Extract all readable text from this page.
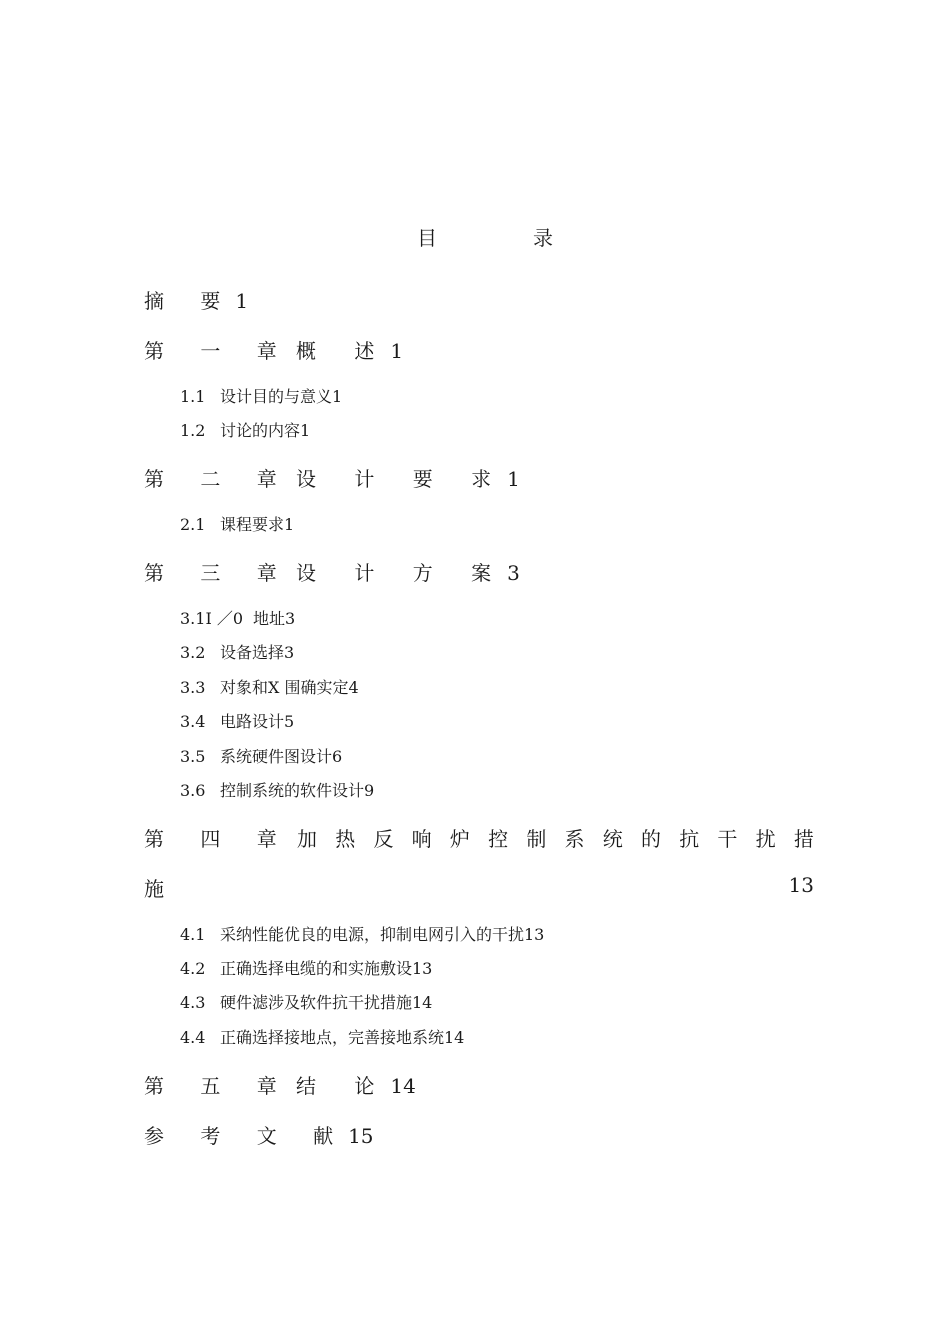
目　录
摘 要 1
第 一 章 概 述 1
1.1 设计目的与意义1
1.2 讨论的内容1
第 二 章 设 计 要 求 1
2.1 课程要求1
第 三 章 设 计 方 案 3
3.1I ／0 地址3
3.2 设备选择3
3.3 对象和X 围确实定4
3.4 电路设计5
3.5 系统硬件图设计6
3.6 控制系统的软件设计9
第 四 章 加 热 反 响 炉 控 制 系 统 的 抗 干 扰 措
施	13
4.1 采纳性能优良的电源，抑制电网引入的干扰13
4.2 正确选择电缆的和实施敷设13
4.3 硬件滤涉及软件抗干扰措施14
4.4 正确选择接地点，完善接地系统14
第 五 章 结 论 14
参 考 文 献 15
